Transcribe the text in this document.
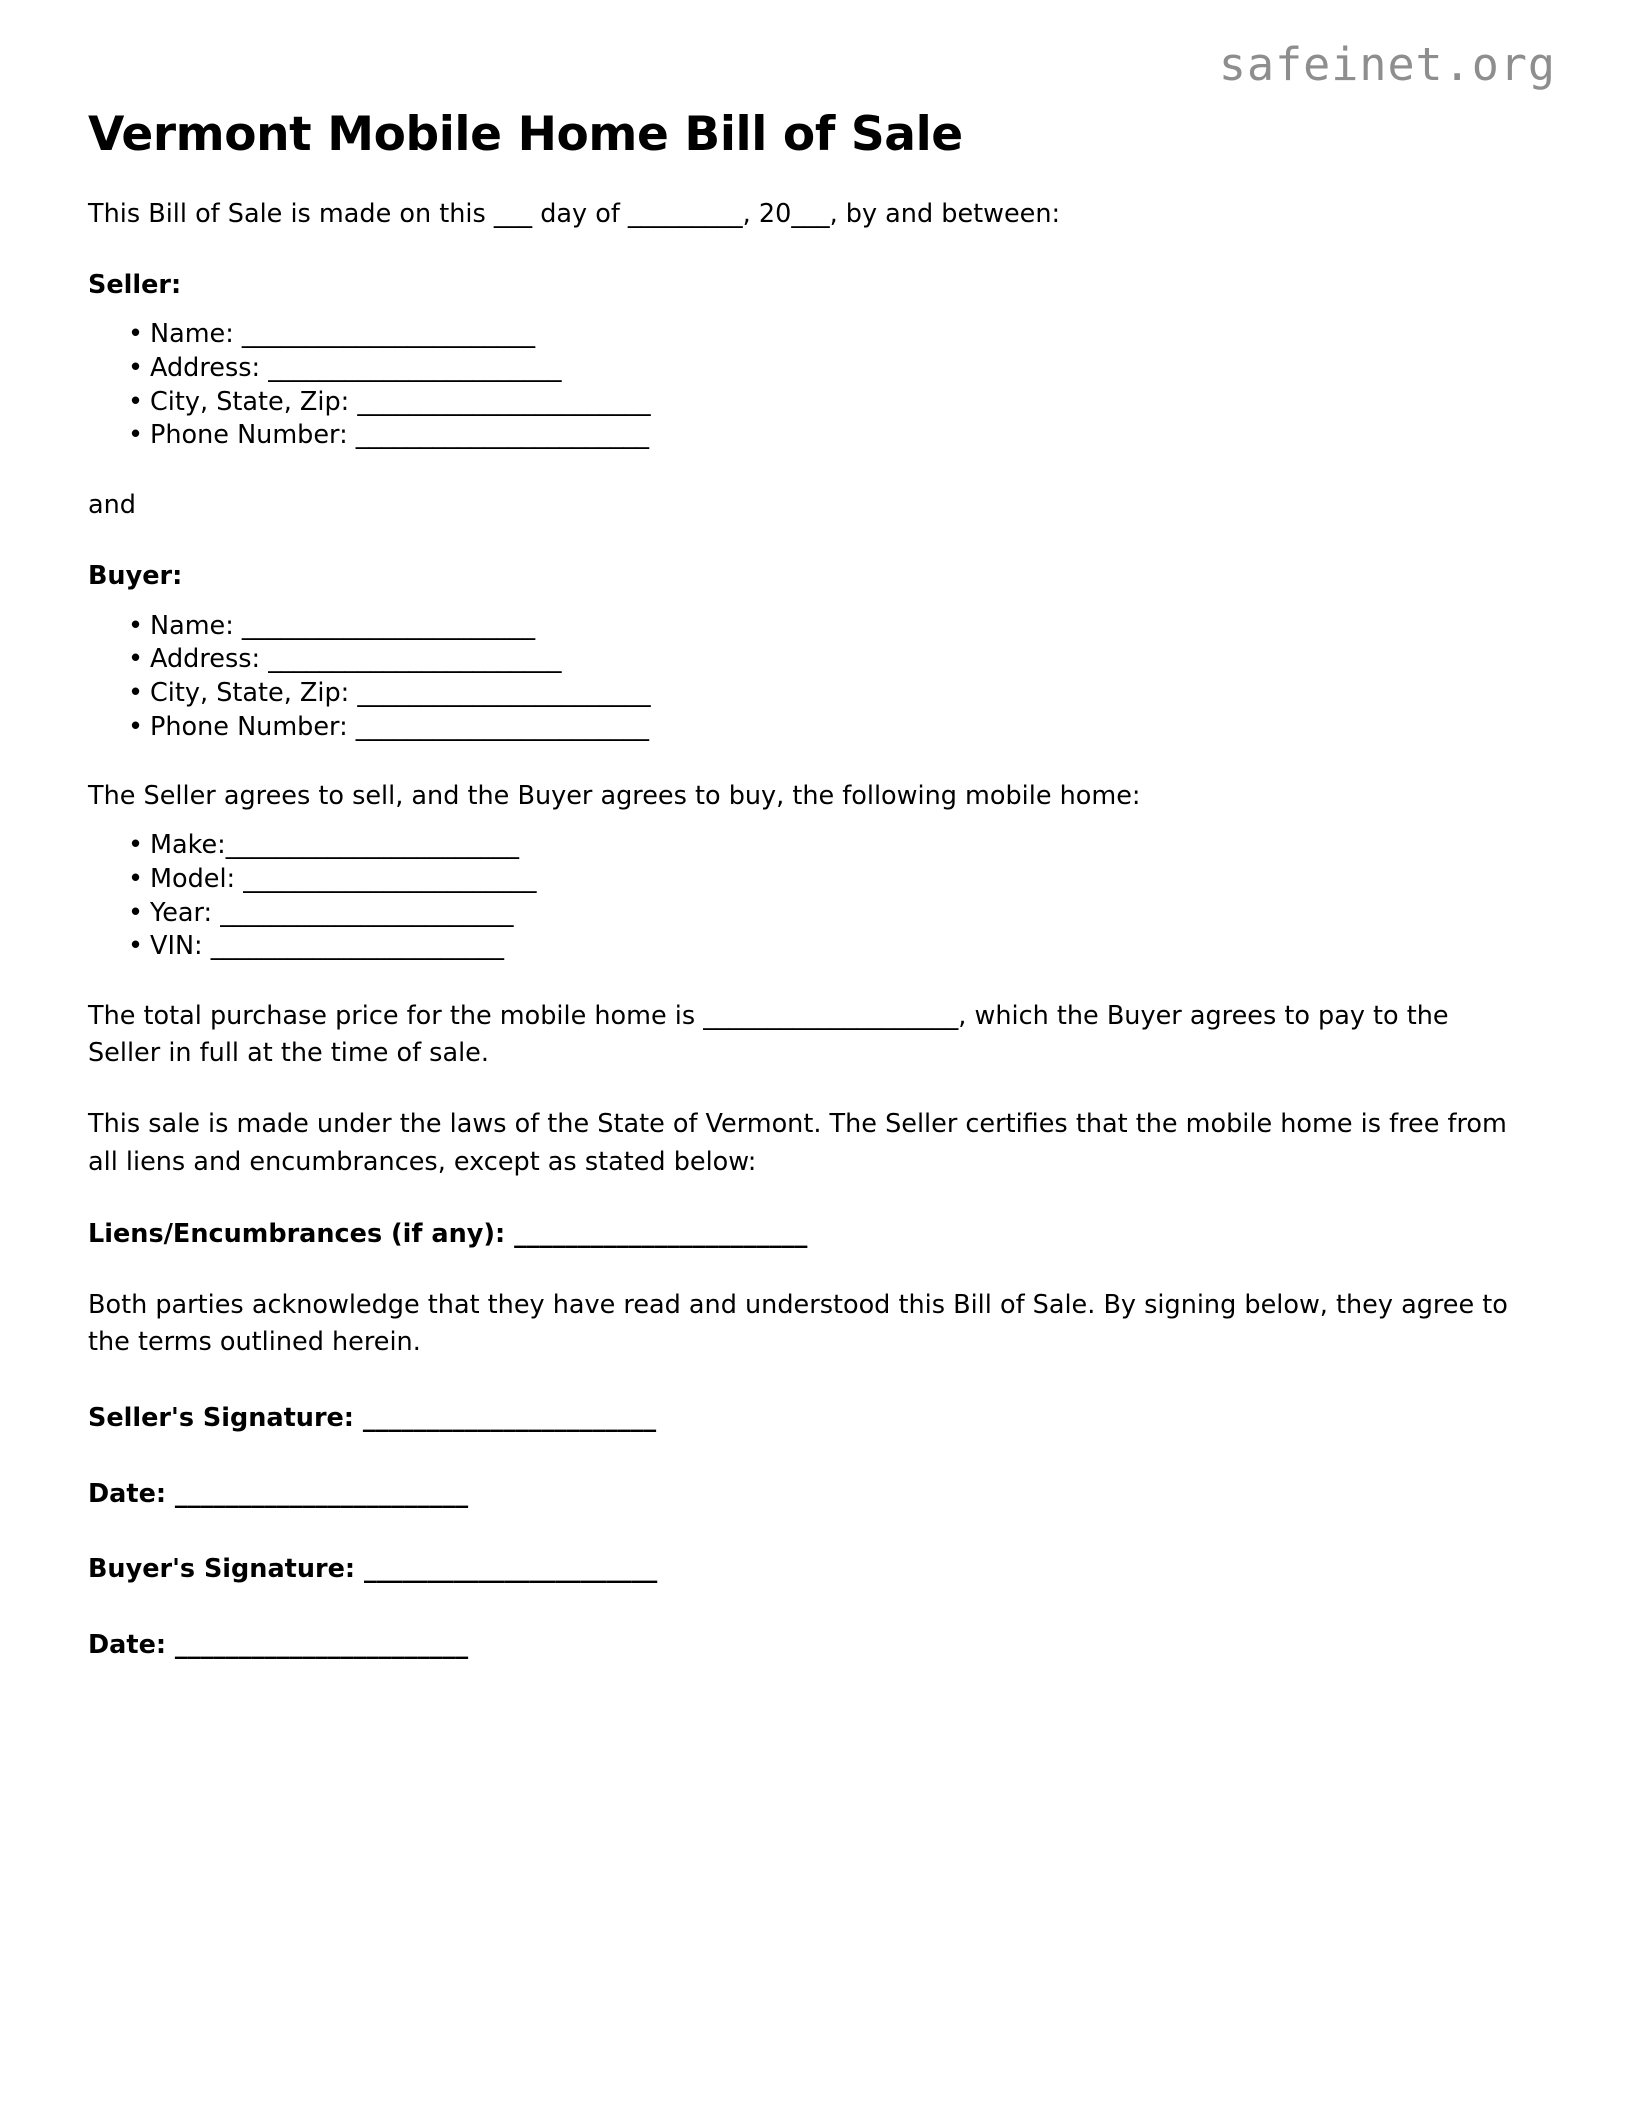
safeinet.org
Vermont Mobile Home Bill of Sale

This Bill of Sale is made on this ___ day of _________, 20___, by and between:

Seller:

• Name: _______________________
• Address: _______________________
• City, State, Zip: _______________________
• Phone Number: _______________________

and

Buyer:

• Name: _______________________
• Address: _______________________
• City, State, Zip: _______________________
• Phone Number: _______________________

The Seller agrees to sell, and the Buyer agrees to buy, the following mobile home:

• Make:_______________________
• Model: _______________________
• Year: _______________________
• VIN: _______________________

The total purchase price for the mobile home is ____________________, which the Buyer agrees to pay to the Seller in full at the time of sale.

This sale is made under the laws of the State of Vermont. The Seller certifies that the mobile home is free from all liens and encumbrances, except as stated below:

Liens/Encumbrances (if any): _______________________

Both parties acknowledge that they have read and understood this Bill of Sale. By signing below, they agree to the terms outlined herein.

Seller's Signature: _______________________

Date: _______________________

Buyer's Signature: _______________________

Date: _______________________
